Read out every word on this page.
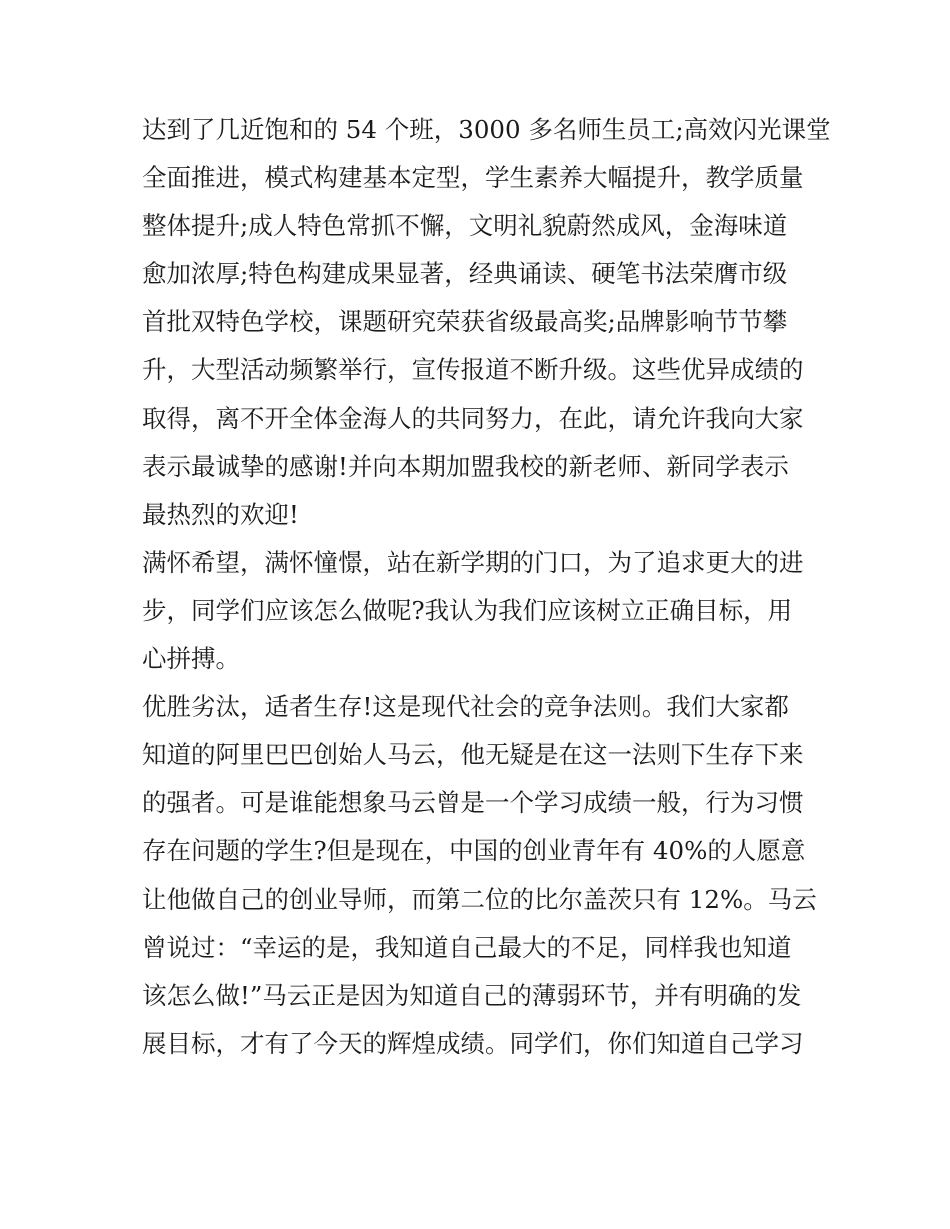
达到了几近饱和的 54 个班，3000 多名师生员工;高效闪光课堂
全面推进，模式构建基本定型，学生素养大幅提升，教学质量
整体提升;成人特色常抓不懈，文明礼貌蔚然成风，金海味道
愈加浓厚;特色构建成果显著，经典诵读、硬笔书法荣膺市级
首批双特色学校，课题研究荣获省级最高奖;品牌影响节节攀
升，大型活动频繁举行，宣传报道不断升级。这些优异成绩的
取得，离不开全体金海人的共同努力，在此，请允许我向大家
表示最诚挚的感谢!并向本期加盟我校的新老师、新同学表示
最热烈的欢迎!
满怀希望，满怀憧憬，站在新学期的门口，为了追求更大的进
步，同学们应该怎么做呢?我认为我们应该树立正确目标，用
心拼搏。
优胜劣汰，适者生存!这是现代社会的竞争法则。我们大家都
知道的阿里巴巴创始人马云，他无疑是在这一法则下生存下来
的强者。可是谁能想象马云曾是一个学习成绩一般，行为习惯
存在问题的学生?但是现在，中国的创业青年有 40%的人愿意
让他做自己的创业导师，而第二位的比尔盖茨只有 12%。马云
曾说过：“幸运的是，我知道自己最大的不足，同样我也知道
该怎么做!”马云正是因为知道自己的薄弱环节，并有明确的发
展目标，才有了今天的辉煌成绩。同学们，你们知道自己学习
